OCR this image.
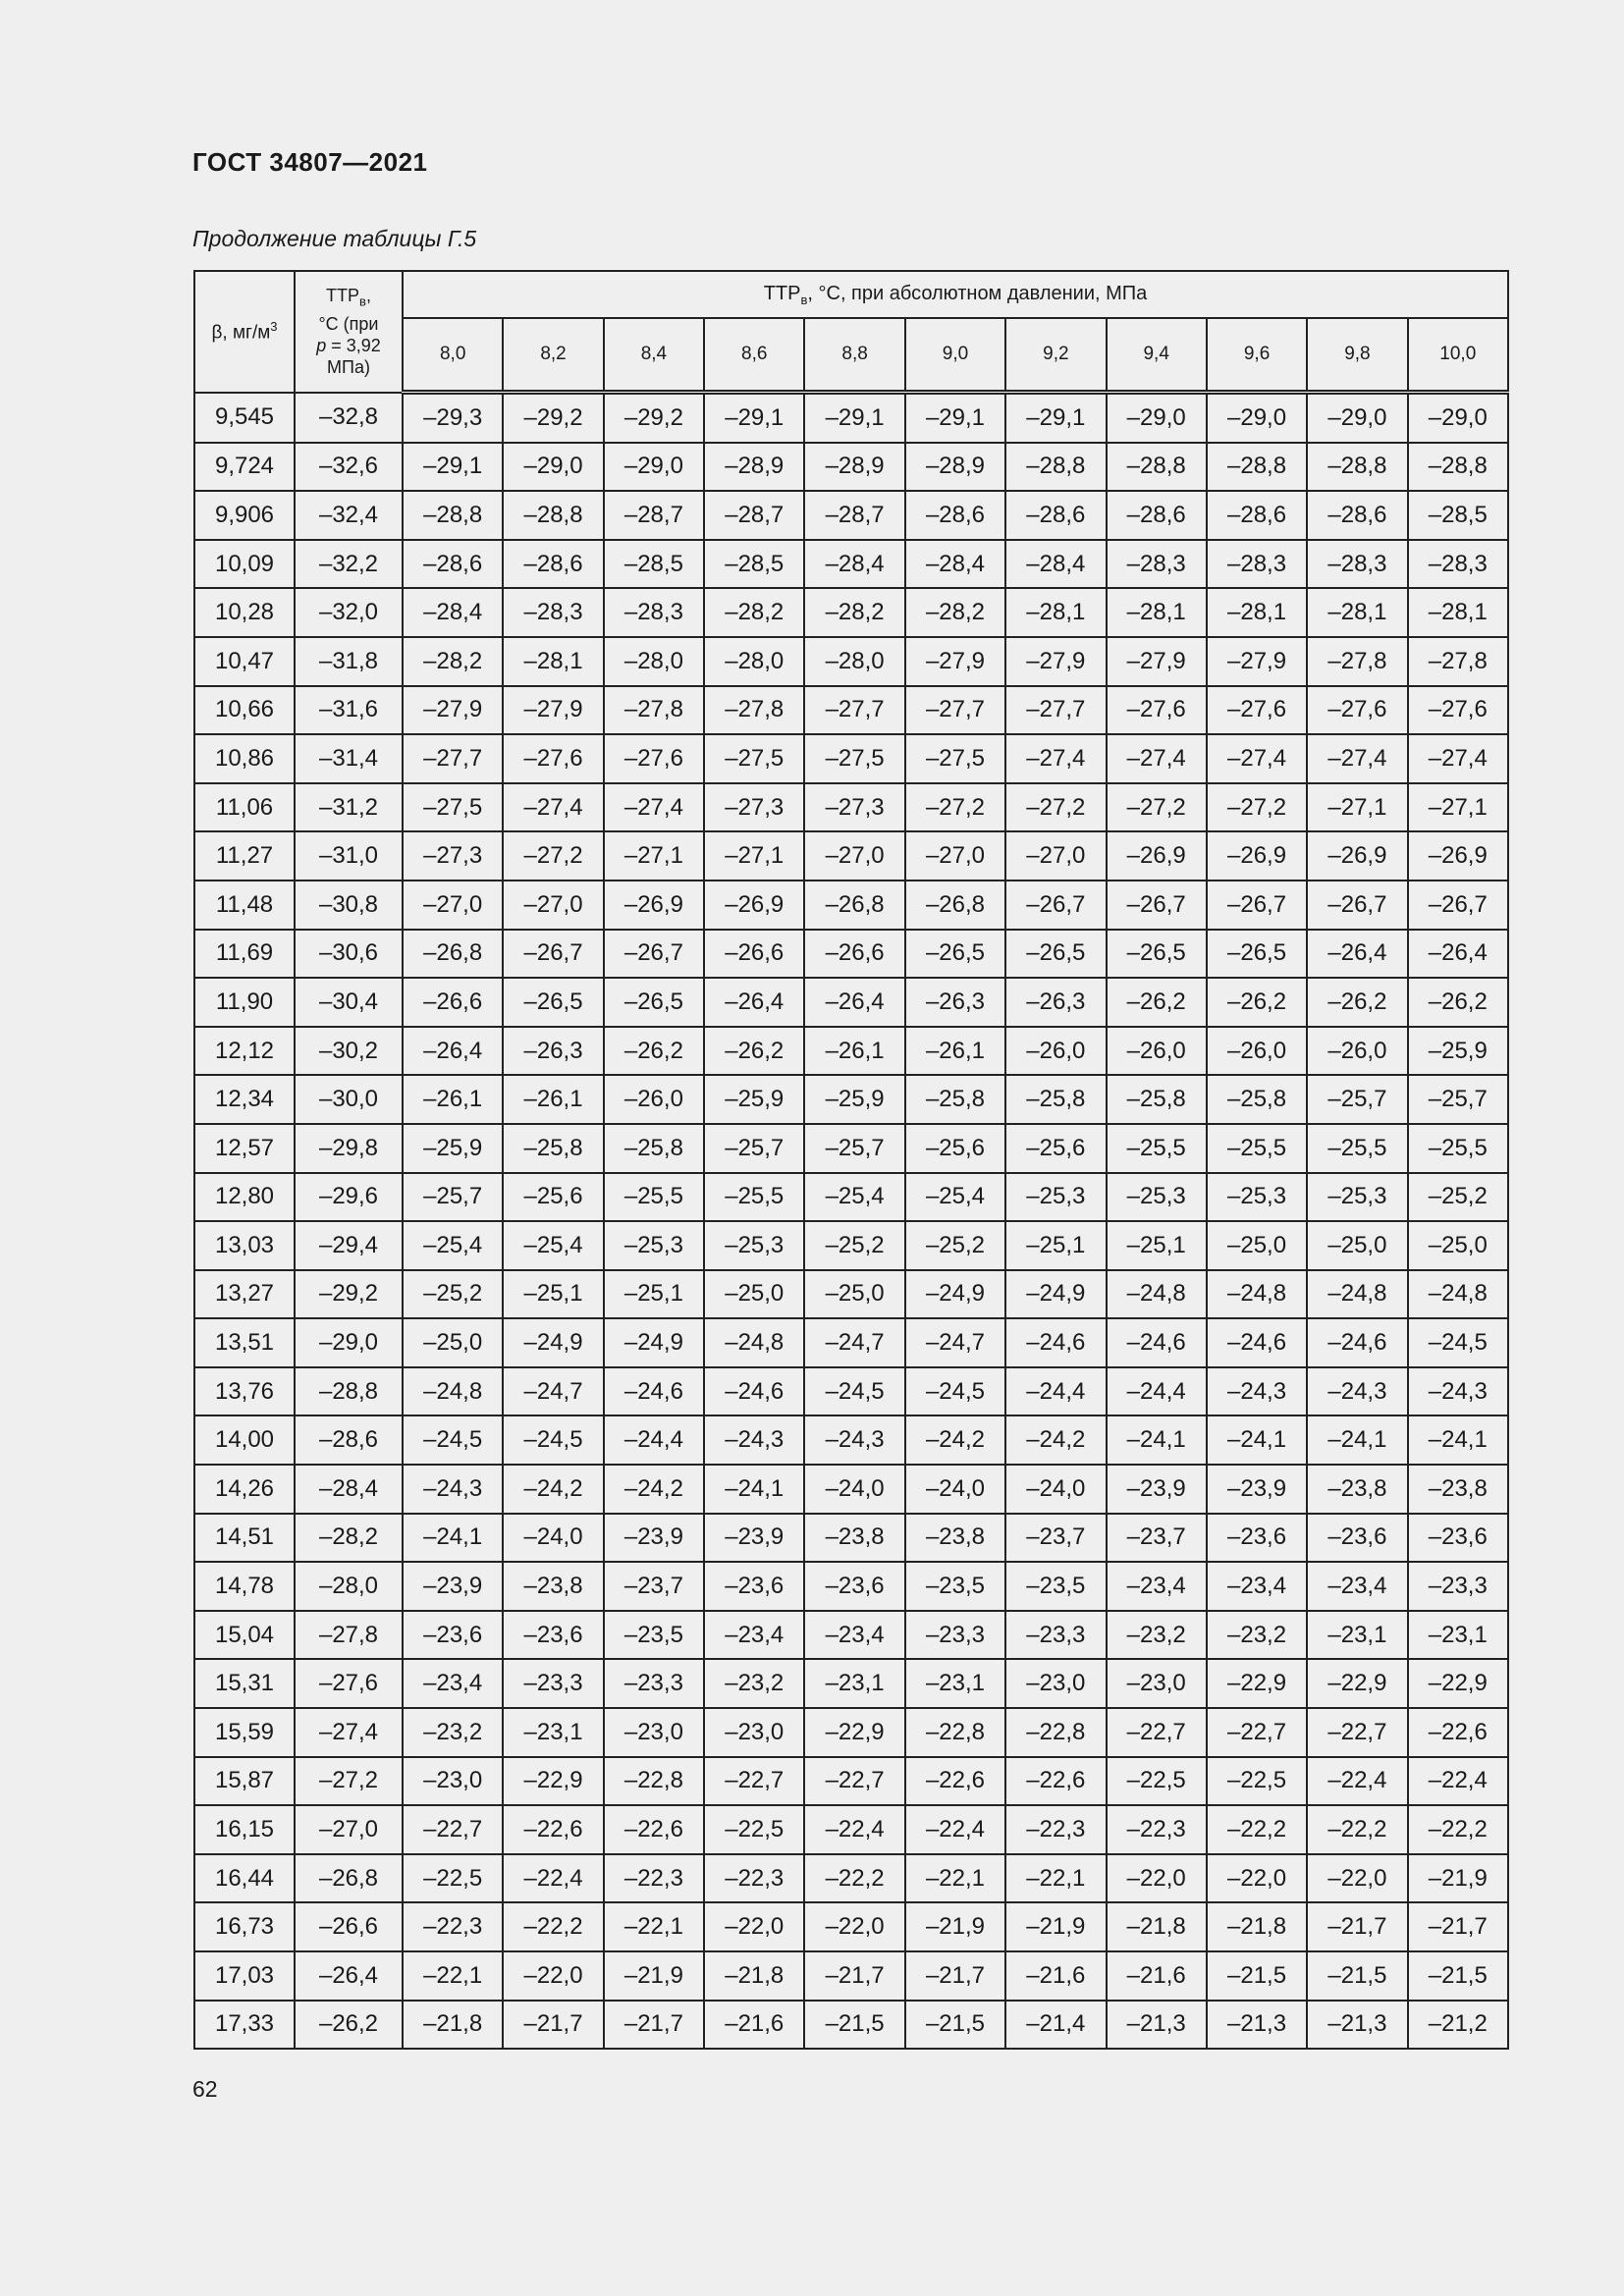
ГОСТ 34807—2021
Продолжение таблицы Г.5
β, $мг/м^3$	$ТТР_в$,
°С (при
p = 3,92
МПа)	$ТТР_в$, °С, при абсолютном давлении, МПа										
		8,0	8,2	8,4	8,6	8,8	9,0	9,2	9,4	9,6	9,8	10,0
9,545	–32,8	–29,3	–29,2	–29,2	–29,1	–29,1	–29,1	–29,1	–29,0	–29,0	–29,0	–29,0
9,724	–32,6	–29,1	–29,0	–29,0	–28,9	–28,9	–28,9	–28,8	–28,8	–28,8	–28,8	–28,8
9,906	–32,4	–28,8	–28,8	–28,7	–28,7	–28,7	–28,6	–28,6	–28,6	–28,6	–28,6	–28,5
10,09	–32,2	–28,6	–28,6	–28,5	–28,5	–28,4	–28,4	–28,4	–28,3	–28,3	–28,3	–28,3
10,28	–32,0	–28,4	–28,3	–28,3	–28,2	–28,2	–28,2	–28,1	–28,1	–28,1	–28,1	–28,1
10,47	–31,8	–28,2	–28,1	–28,0	–28,0	–28,0	–27,9	–27,9	–27,9	–27,9	–27,8	–27,8
10,66	–31,6	–27,9	–27,9	–27,8	–27,8	–27,7	–27,7	–27,7	–27,6	–27,6	–27,6	–27,6
10,86	–31,4	–27,7	–27,6	–27,6	–27,5	–27,5	–27,5	–27,4	–27,4	–27,4	–27,4	–27,4
11,06	–31,2	–27,5	–27,4	–27,4	–27,3	–27,3	–27,2	–27,2	–27,2	–27,2	–27,1	–27,1
11,27	–31,0	–27,3	–27,2	–27,1	–27,1	–27,0	–27,0	–27,0	–26,9	–26,9	–26,9	–26,9
11,48	–30,8	–27,0	–27,0	–26,9	–26,9	–26,8	–26,8	–26,7	–26,7	–26,7	–26,7	–26,7
11,69	–30,6	–26,8	–26,7	–26,7	–26,6	–26,6	–26,5	–26,5	–26,5	–26,5	–26,4	–26,4
11,90	–30,4	–26,6	–26,5	–26,5	–26,4	–26,4	–26,3	–26,3	–26,2	–26,2	–26,2	–26,2
12,12	–30,2	–26,4	–26,3	–26,2	–26,2	–26,1	–26,1	–26,0	–26,0	–26,0	–26,0	–25,9
12,34	–30,0	–26,1	–26,1	–26,0	–25,9	–25,9	–25,8	–25,8	–25,8	–25,8	–25,7	–25,7
12,57	–29,8	–25,9	–25,8	–25,8	–25,7	–25,7	–25,6	–25,6	–25,5	–25,5	–25,5	–25,5
12,80	–29,6	–25,7	–25,6	–25,5	–25,5	–25,4	–25,4	–25,3	–25,3	–25,3	–25,3	–25,2
13,03	–29,4	–25,4	–25,4	–25,3	–25,3	–25,2	–25,2	–25,1	–25,1	–25,0	–25,0	–25,0
13,27	–29,2	–25,2	–25,1	–25,1	–25,0	–25,0	–24,9	–24,9	–24,8	–24,8	–24,8	–24,8
13,51	–29,0	–25,0	–24,9	–24,9	–24,8	–24,7	–24,7	–24,6	–24,6	–24,6	–24,6	–24,5
13,76	–28,8	–24,8	–24,7	–24,6	–24,6	–24,5	–24,5	–24,4	–24,4	–24,3	–24,3	–24,3
14,00	–28,6	–24,5	–24,5	–24,4	–24,3	–24,3	–24,2	–24,2	–24,1	–24,1	–24,1	–24,1
14,26	–28,4	–24,3	–24,2	–24,2	–24,1	–24,0	–24,0	–24,0	–23,9	–23,9	–23,8	–23,8
14,51	–28,2	–24,1	–24,0	–23,9	–23,9	–23,8	–23,8	–23,7	–23,7	–23,6	–23,6	–23,6
14,78	–28,0	–23,9	–23,8	–23,7	–23,6	–23,6	–23,5	–23,5	–23,4	–23,4	–23,4	–23,3
15,04	–27,8	–23,6	–23,6	–23,5	–23,4	–23,4	–23,3	–23,3	–23,2	–23,2	–23,1	–23,1
15,31	–27,6	–23,4	–23,3	–23,3	–23,2	–23,1	–23,1	–23,0	–23,0	–22,9	–22,9	–22,9
15,59	–27,4	–23,2	–23,1	–23,0	–23,0	–22,9	–22,8	–22,8	–22,7	–22,7	–22,7	–22,6
15,87	–27,2	–23,0	–22,9	–22,8	–22,7	–22,7	–22,6	–22,6	–22,5	–22,5	–22,4	–22,4
16,15	–27,0	–22,7	–22,6	–22,6	–22,5	–22,4	–22,4	–22,3	–22,3	–22,2	–22,2	–22,2
16,44	–26,8	–22,5	–22,4	–22,3	–22,3	–22,2	–22,1	–22,1	–22,0	–22,0	–22,0	–21,9
16,73	–26,6	–22,3	–22,2	–22,1	–22,0	–22,0	–21,9	–21,9	–21,8	–21,8	–21,7	–21,7
17,03	–26,4	–22,1	–22,0	–21,9	–21,8	–21,7	–21,7	–21,6	–21,6	–21,5	–21,5	–21,5
17,33	–26,2	–21,8	–21,7	–21,7	–21,6	–21,5	–21,5	–21,4	–21,3	–21,3	–21,3	–21,2
62
